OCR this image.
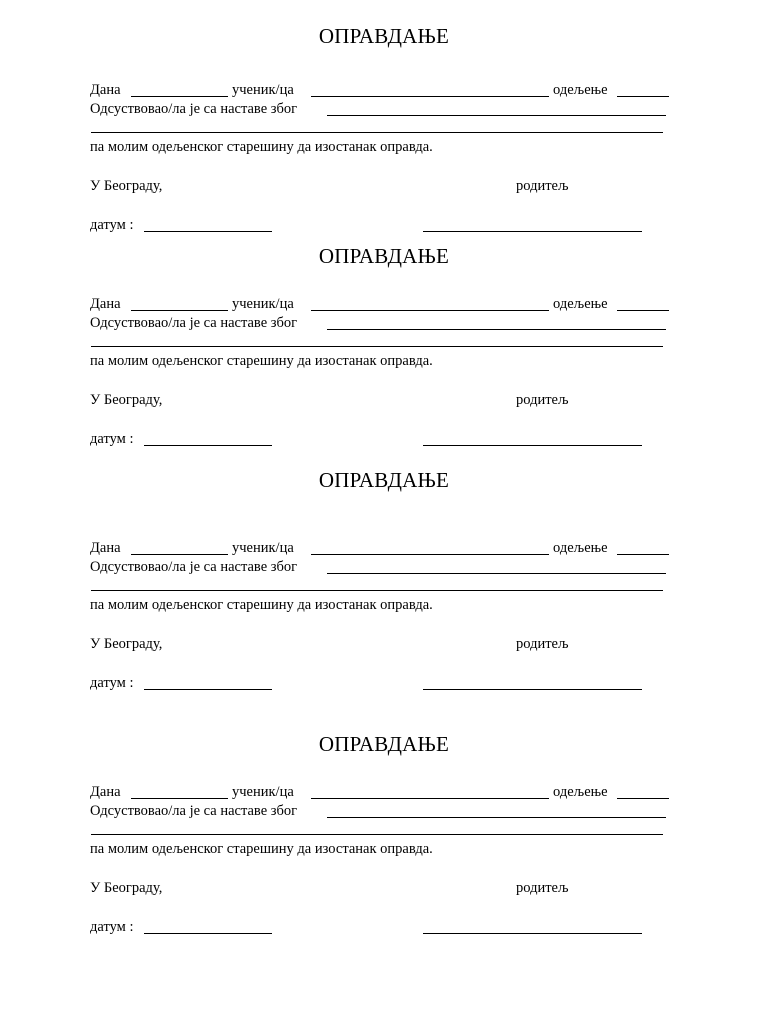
ОПРАВДАЊЕ
Дана	ученик/ца	одељење
Одсуствовао/ла је са наставе због
па молим одељенског старешину да изостанак оправда.
У Београду,	родитељ
датум :
ОПРАВДАЊЕ
Дана	ученик/ца	одељење
Одсуствовао/ла је са наставе због
па молим одељенског старешину да изостанак оправда.
У Београду,	родитељ
датум :
ОПРАВДАЊЕ
Дана	ученик/ца	одељење
Одсуствовао/ла је са наставе због
па молим одељенског старешину да изостанак оправда.
У Београду,	родитељ
датум :
ОПРАВДАЊЕ
Дана	ученик/ца	одељење
Одсуствовао/ла је са наставе због
па молим одељенског старешину да изостанак оправда.
У Београду,	родитељ
датум :
